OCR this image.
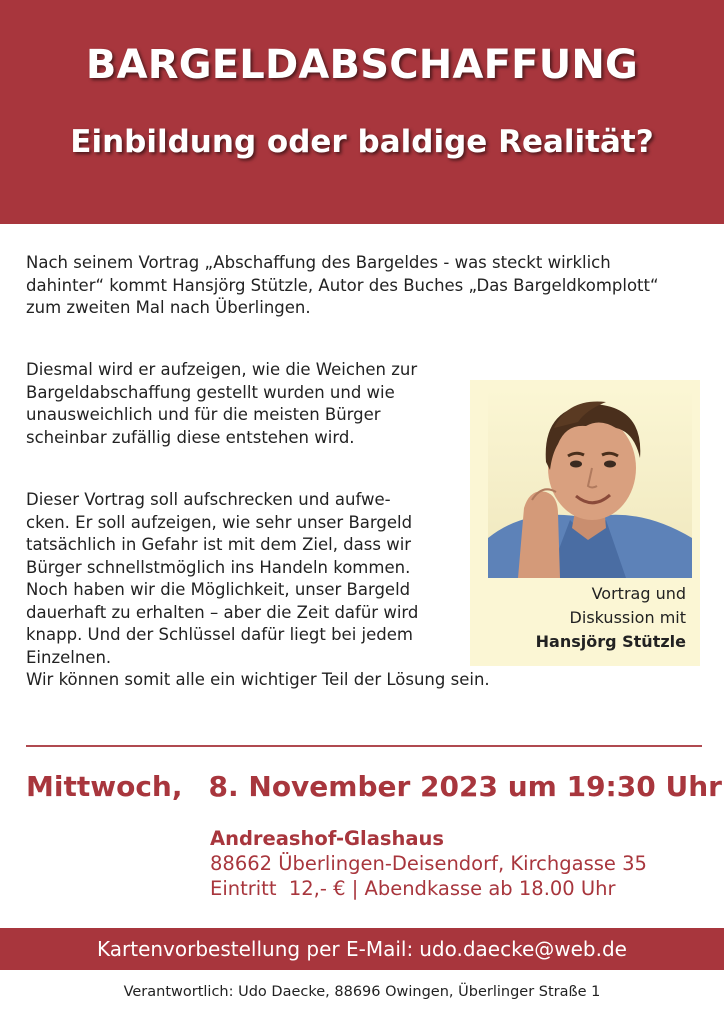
BARGELDABSCHAFFUNG
Einbildung oder baldige Realität?

Nach seinem Vortrag „Abschaffung des Bargeldes - was steckt wirklich
dahinter“ kommt Hansjörg Stützle, Autor des Buches „Das Bargeldkomplott“
zum zweiten Mal nach Überlingen.

Diesmal wird er aufzeigen, wie die Weichen zur
Bargeldabschaffung gestellt wurden und wie
unausweichlich und für die meisten Bürger
scheinbar zufällig diese entstehen wird.

Dieser Vortrag soll aufschrecken und aufwe-
cken. Er soll aufzeigen, wie sehr unser Bargeld
tatsächlich in Gefahr ist mit dem Ziel, dass wir
Bürger schnellstmöglich ins Handeln kommen.
Noch haben wir die Möglichkeit, unser Bargeld
dauerhaft zu erhalten – aber die Zeit dafür wird
knapp. Und der Schlüssel dafür liegt bei jedem
Einzelnen.
Wir können somit alle ein wichtiger Teil der Lösung sein.

Vortrag und
Diskussion mit
Hansjörg Stützle
Mittwoch, 8. November 2023 um 19:30 Uhr
Andreashof-Glashaus
88662 Überlingen-Deisendorf, Kirchgasse 35
Eintritt  12,- € | Abendkasse ab 18.00 Uhr
Kartenvorbestellung per E-Mail: udo.daecke@web.de
Verantwortlich: Udo Daecke, 88696 Owingen, Überlinger Straße 1
